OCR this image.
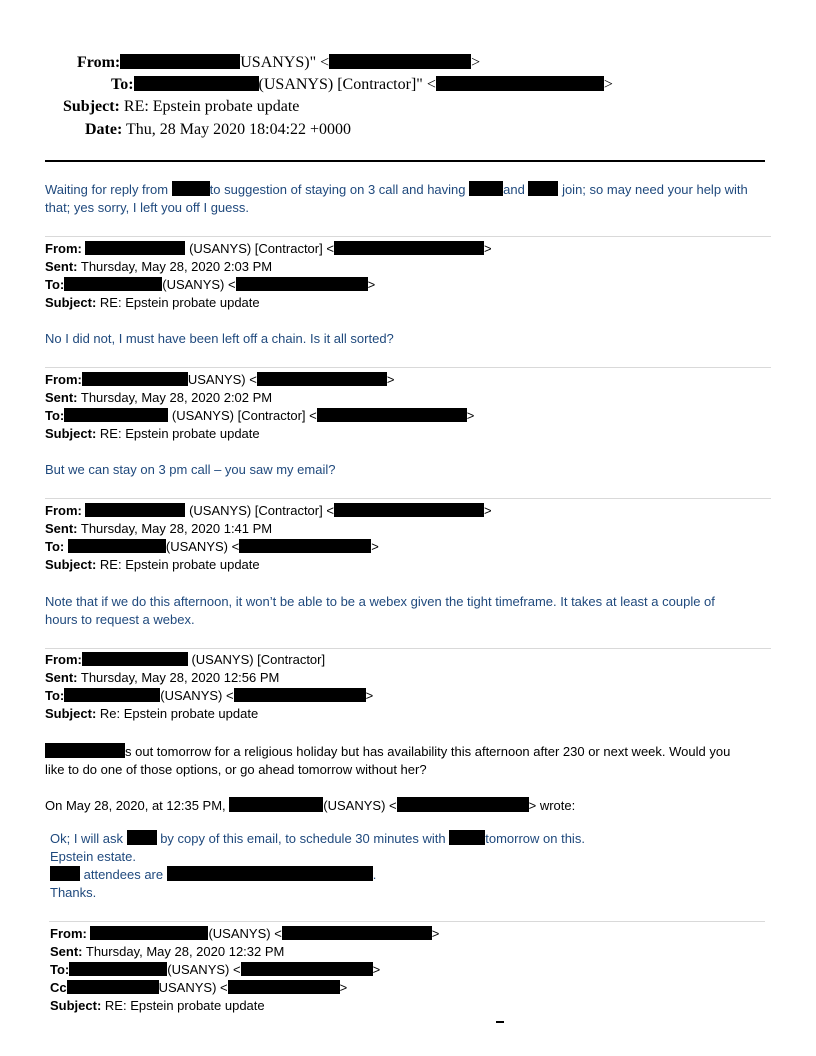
From:	USANYS)" <	>
To:	(USANYS) [Contractor]" <	>
Subject: RE: Epstein probate update
Date: Thu, 28 May 2020 18:04:22 +0000
Waiting for reply from	to suggestion of staying on 3 call and having	and  join; so may need your help with
that; yes sorry, I left you off I guess.
From:	(USANYS) [Contractor] <	>
Sent: Thursday, May 28, 2020 2:03 PM
To:	(USANYS) <	>
Subject: RE: Epstein probate update
No I did not, I must have been left off a chain. Is it all sorted?
From:	USANYS) <	>
Sent: Thursday, May 28, 2020 2:02 PM
To:	(USANYS) [Contractor] <	>
Subject: RE: Epstein probate update
But we can stay on 3 pm call – you saw my email?
From:	(USANYS) [Contractor] <	>
Sent: Thursday, May 28, 2020 1:41 PM
To:	(USANYS) <	>
Subject: RE: Epstein probate update
Note that if we do this afternoon, it won’t be able to be a webex given the tight timeframe. It takes at least a couple of
hours to request a webex.
From:	(USANYS) [Contractor]
Sent: Thursday, May 28, 2020 12:56 PM
To:	(USANYS) <	>
Subject: Re: Epstein probate update
s out tomorrow for a religious holiday but has availability this afternoon after 230 or next week. Would you
like to do one of those options, or go ahead tomorrow without her?
On May 28, 2020, at 12:35 PM,	(USANYS) <	> wrote:
Ok; I will ask  by copy of this email, to schedule 30 minutes with	tomorrow on this.
Epstein estate.
attendees are	.
Thanks.
From:	(USANYS) <	>
Sent: Thursday, May 28, 2020 12:32 PM
To:	(USANYS) <	>
Cc	USANYS) <	>
Subject: RE: Epstein probate update
